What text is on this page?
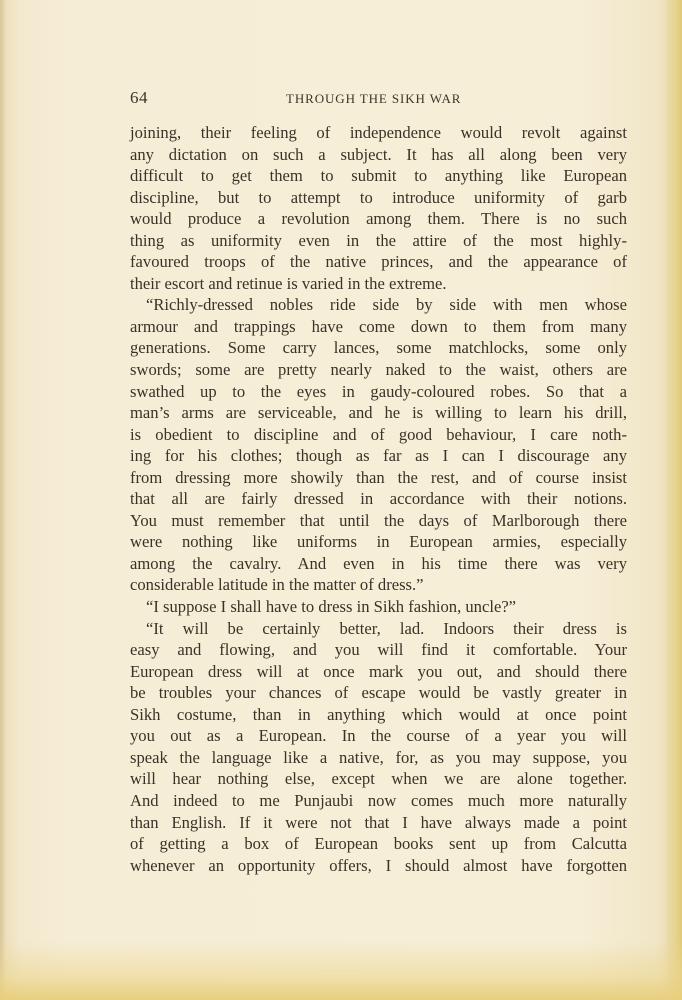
64	THROUGH THE SIKH WAR
joining, their feeling of independence would revolt against
any dictation on such a subject. It has all along been very
difficult to get them to submit to anything like European
discipline, but to attempt to introduce uniformity of garb
would produce a revolution among them. There is no such
thing as uniformity even in the attire of the most highly-
favoured troops of the native princes, and the appearance of
their escort and retinue is varied in the extreme.
“Richly-dressed nobles ride side by side with men whose
armour and trappings have come down to them from many
generations. Some carry lances, some matchlocks, some only
swords; some are pretty nearly naked to the waist, others are
swathed up to the eyes in gaudy-coloured robes. So that a
man’s arms are serviceable, and he is willing to learn his drill,
is obedient to discipline and of good behaviour, I care noth-
ing for his clothes; though as far as I can I discourage any
from dressing more showily than the rest, and of course insist
that all are fairly dressed in accordance with their notions.
You must remember that until the days of Marlborough there
were nothing like uniforms in European armies, especially
among the cavalry. And even in his time there was very
considerable latitude in the matter of dress.”
“I suppose I shall have to dress in Sikh fashion, uncle?”
“It will be certainly better, lad. Indoors their dress is
easy and flowing, and you will find it comfortable. Your
European dress will at once mark you out, and should there
be troubles your chances of escape would be vastly greater in
Sikh costume, than in anything which would at once point
you out as a European. In the course of a year you will
speak the language like a native, for, as you may suppose, you
will hear nothing else, except when we are alone together.
And indeed to me Punjaubi now comes much more naturally
than English. If it were not that I have always made a point
of getting a box of European books sent up from Calcutta
whenever an opportunity offers, I should almost have forgotten
